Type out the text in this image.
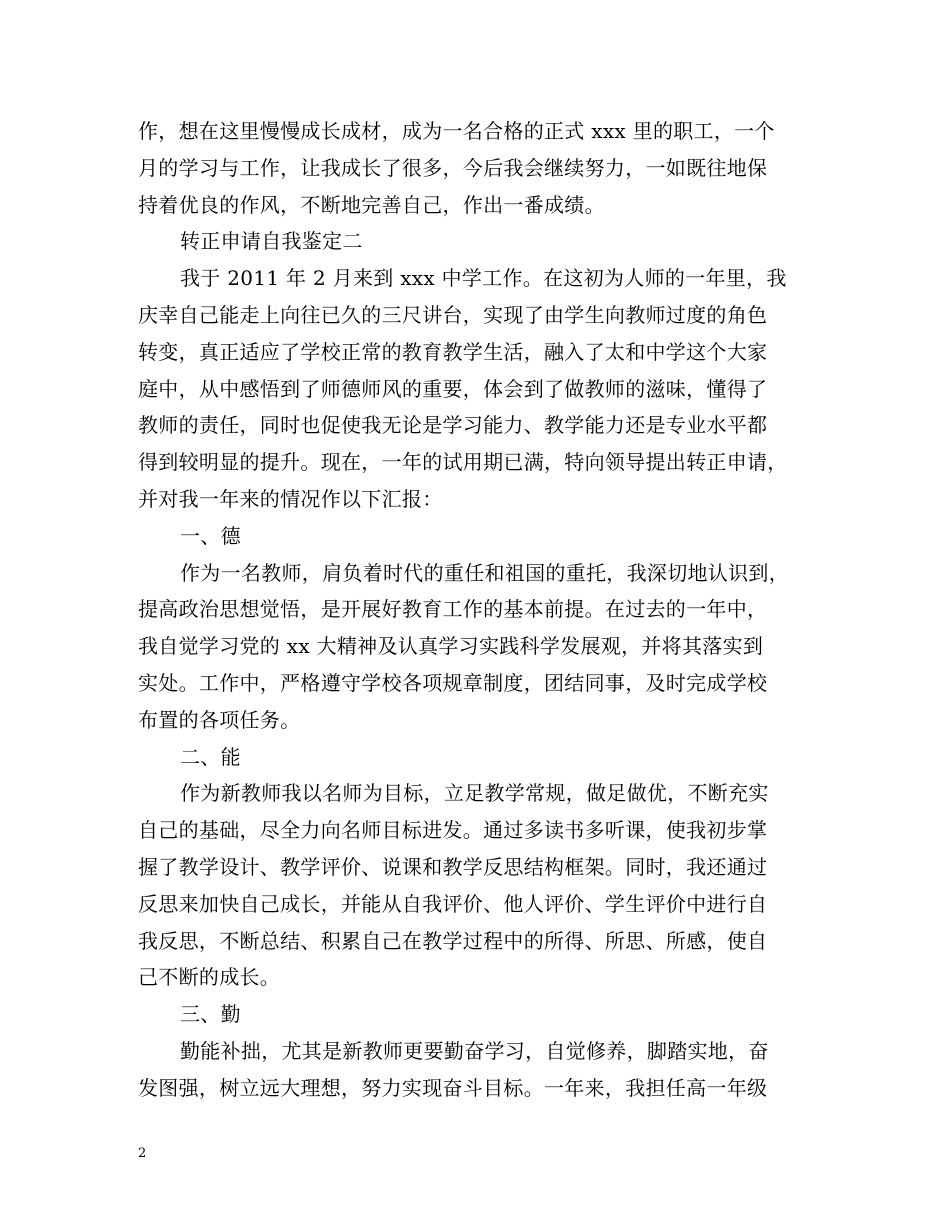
作，想在这里慢慢成长成材，成为一名合格的正式 xxx 里的职工，一个
月的学习与工作，让我成长了很多，今后我会继续努力，一如既往地保
持着优良的作风，不断地完善自己，作出一番成绩。
转正申请自我鉴定二
我于 2011 年 2 月来到 xxx 中学工作。在这初为人师的一年里，我
庆幸自己能走上向往已久的三尺讲台，实现了由学生向教师过度的角色
转变，真正适应了学校正常的教育教学生活，融入了太和中学这个大家
庭中，从中感悟到了师德师风的重要，体会到了做教师的滋味，懂得了
教师的责任，同时也促使我无论是学习能力、教学能力还是专业水平都
得到较明显的提升。现在，一年的试用期已满，特向领导提出转正申请，
并对我一年来的情况作以下汇报：
一、德
作为一名教师，肩负着时代的重任和祖国的重托，我深切地认识到，
提高政治思想觉悟，是开展好教育工作的基本前提。在过去的一年中，
我自觉学习党的 xx 大精神及认真学习实践科学发展观，并将其落实到
实处。工作中，严格遵守学校各项规章制度，团结同事，及时完成学校
布置的各项任务。
二、能
作为新教师我以名师为目标，立足教学常规，做足做优，不断充实
自己的基础，尽全力向名师目标进发。通过多读书多听课，使我初步掌
握了教学设计、教学评价、说课和教学反思结构框架。同时，我还通过
反思来加快自己成长，并能从自我评价、他人评价、学生评价中进行自
我反思，不断总结、积累自己在教学过程中的所得、所思、所感，使自
己不断的成长。
三、勤
勤能补拙，尤其是新教师更要勤奋学习，自觉修养，脚踏实地，奋
发图强，树立远大理想，努力实现奋斗目标。一年来，我担任高一年级
2
